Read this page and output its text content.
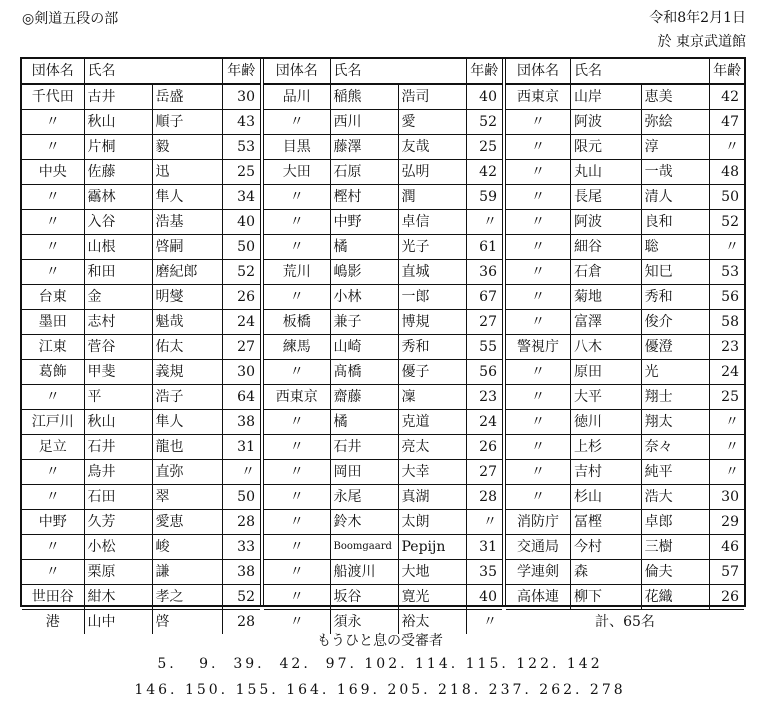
◎剣道五段の部	令和8年2月1日
於 東京武道館
団体名	氏名		年齢
千代田	古井	岳盛	30
〃	秋山	順子	43
〃	片桐	毅	53
中央	佐藤	迅	25
〃	靍林	隼人	34
〃	入谷	浩基	40
〃	山根	啓嗣	50
〃	和田	磨紀郎	52
台東	金	明燮	26
墨田	志村	魁哉	24
江東	菅谷	佑太	27
葛飾	甲斐	義規	30
〃	平	浩子	64
江戸川	秋山	隼人	38
足立	石井	龍也	31
〃	鳥井	直弥	〃
〃	石田	翠	50
中野	久芳	愛恵	28
〃	小松	峻	33
〃	栗原	謙	38
世田谷	紺木	孝之	52
港	山中	啓	28
団体名	氏名		年齢
品川	稲熊	浩司	40
〃	西川	愛	52
目黒	藤澤	友哉	25
大田	石原	弘明	42
〃	樫村	潤	59
〃	中野	卓信	〃
〃	橘	光子	61
荒川	嶋影	直城	36
〃	小林	一郎	67
板橋	兼子	博規	27
練馬	山崎	秀和	55
〃	髙橋	優子	56
西東京	齋藤	凜	23
〃	橘	克道	24
〃	石井	亮太	26
〃	岡田	大幸	27
〃	永尾	真湖	28
〃	鈴木	太朗	〃
〃	Boomgaard	Pepijn	31
〃	船渡川	大地	35
〃	坂谷	寛光	40
〃	須永	裕太	〃
団体名	氏名		年齢
西東京	山岸	恵美	42
〃	阿波	弥絵	47
〃	限元	淳	〃
〃	丸山	一哉	48
〃	長尾	清人	50
〃	阿波	良和	52
〃	細谷	聡	〃
〃	石倉	知巳	53
〃	菊地	秀和	56
〃	富澤	俊介	58
警視庁	八木	優澄	23
〃	原田	光	24
〃	大平	翔士	25
〃	徳川	翔太	〃
〃	上杉	奈々	〃
〃	吉村	純平	〃
〃	杉山	浩大	30
消防庁	冨樫	卓郎	29
交通局	今村	三樹	46
学連剣	森	倫夫	57
高体連	柳下	花織	26
計、65名			
もうひと息の受審者
5.   9.  39.  42.  97. 102. 114. 115. 122. 142
146. 150. 155. 164. 169. 205. 218. 237. 262. 278
